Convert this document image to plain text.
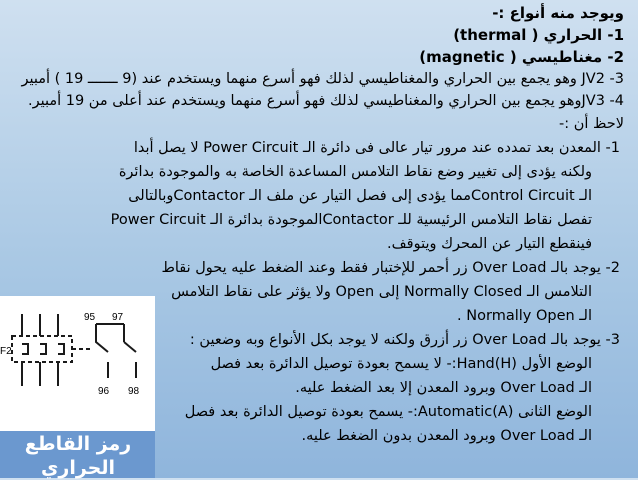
ويوجد منه أنواع :-
1- الحراري ( thermal)
2- مغناطيسي ( magnetic)
3- JV2 وهو يجمع بين الحراري والمغناطيسي لذلك فهو أسرع منهما ويستخدم عند (9 ـــــــ 19 ) أمبير
4- JV3وهو يجمع بين الحراري والمغناطيسي لذلك فهو أسرع منهما ويستخدم عند أعلى من 19 أمبير.
لاحظ أن :-
1- المعدن بعد تمدده عند مرور تيار عالى فى دائرة الـ Power Circuit لا يصل أبدا
ولكنه يؤدى إلى تغيير وضع نقاط التلامس المساعدة الخاصة به والموجودة بدائرة
الـ Control Circuitمما يؤدى إلى فصل التيار عن ملف الـ Contactorوبالتالى
تفصل نقاط التلامس الرئيسية للـ Contactorالموجودة بدائرة الـ Power Circuit
فينقطع التيار عن المحرك ويتوقف.
2- يوجد بالـ Over Load زر أحمر للإختبار فقط وعند الضغط عليه يحول نقاط
التلامس الـ Normally Closed إلى Open ولا يؤثر على نقاط التلامس
الـ Normally Open .
3- يوجد بالـ Over Load زر أزرق ولكنه لا يوجد بكل الأنواع وبه وضعين :
الوضع الأول Hand(H):- لا يسمح بعودة توصيل الدائرة بعد فصل
الـ Over Load وبرود المعدن إلا بعد الضغط عليه.
الوضع الثانى Automatic(A):- يسمح بعودة توصيل الدائرة بعد فصل
الـ Over Load وبرود المعدن بدون الضغط عليه.
F2
95 97
96 98
رمز القاطع الحراري
